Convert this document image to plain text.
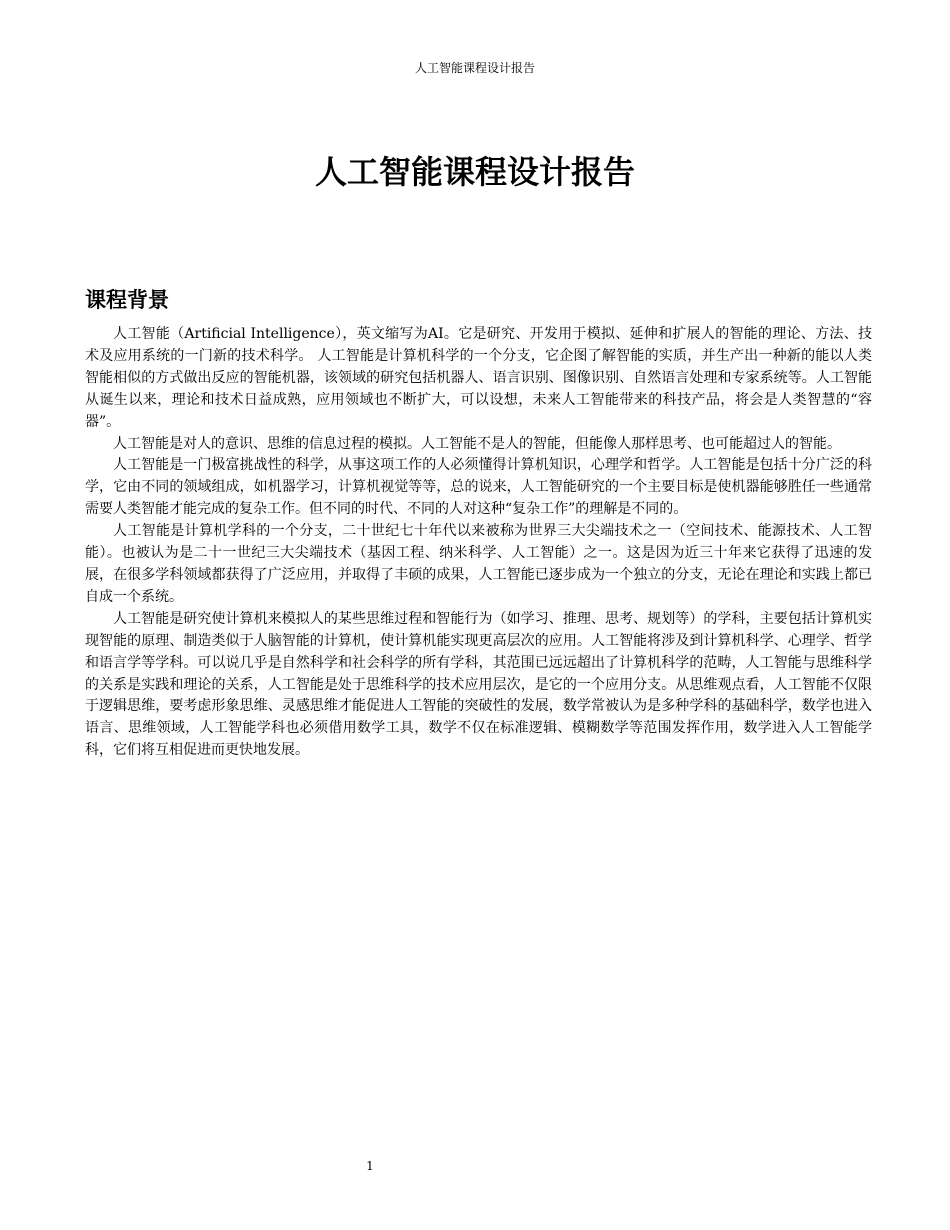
人工智能课程设计报告
人工智能课程设计报告
课程背景

人工智能（Artificial Intelligence），英文缩写为AI。它是研究、开发用于模拟、延伸和扩展人的智能的理论、方法、技术及应用系统的一门新的技术科学。 人工智能是计算机科学的一个分支，它企图了解智能的实质，并生产出一种新的能以人类智能相似的方式做出反应的智能机器，该领域的研究包括机器人、语言识别、图像识别、自然语言处理和专家系统等。人工智能从诞生以来，理论和技术日益成熟，应用领域也不断扩大，可以设想，未来人工智能带来的科技产品，将会是人类智慧的“容器”。

人工智能是对人的意识、思维的信息过程的模拟。人工智能不是人的智能，但能像人那样思考、也可能超过人的智能。

人工智能是一门极富挑战性的科学，从事这项工作的人必须懂得计算机知识，心理学和哲学。人工智能是包括十分广泛的科学，它由不同的领域组成，如机器学习，计算机视觉等等，总的说来，人工智能研究的一个主要目标是使机器能够胜任一些通常需要人类智能才能完成的复杂工作。但不同的时代、不同的人对这种“复杂工作”的理解是不同的。

人工智能是计算机学科的一个分支，二十世纪七十年代以来被称为世界三大尖端技术之一（空间技术、能源技术、人工智能）。也被认为是二十一世纪三大尖端技术（基因工程、纳米科学、人工智能）之一。这是因为近三十年来它获得了迅速的发展，在很多学科领域都获得了广泛应用，并取得了丰硕的成果，人工智能已逐步成为一个独立的分支，无论在理论和实践上都已自成一个系统。

人工智能是研究使计算机来模拟人的某些思维过程和智能行为（如学习、推理、思考、规划等）的学科，主要包括计算机实现智能的原理、制造类似于人脑智能的计算机，使计算机能实现更高层次的应用。人工智能将涉及到计算机科学、心理学、哲学和语言学等学科。可以说几乎是自然科学和社会科学的所有学科，其范围已远远超出了计算机科学的范畴，人工智能与思维科学的关系是实践和理论的关系，人工智能是处于思维科学的技术应用层次，是它的一个应用分支。从思维观点看，人工智能不仅限于逻辑思维，要考虑形象思维、灵感思维才能促进人工智能的突破性的发展，数学常被认为是多种学科的基础科学，数学也进入语言、思维领域，人工智能学科也必须借用数学工具，数学不仅在标准逻辑、模糊数学等范围发挥作用，数学进入人工智能学科，它们将互相促进而更快地发展。

1
